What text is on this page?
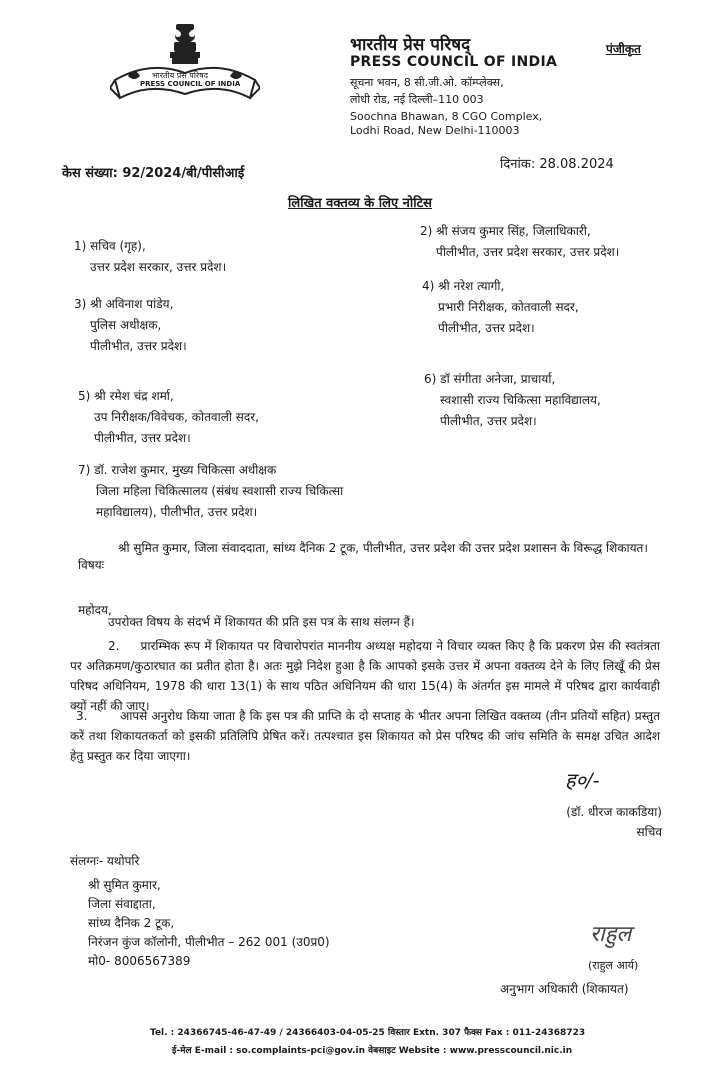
भारतीय प्रेस परिषद
PRESS COUNCIL OF INDIA
भारतीय प्रेस परिषद्
PRESS COUNCIL OF INDIA
सूचना भवन, 8 सी.जी.ओ. कॉम्प्लेक्स,
लोधी रोड, नई दिल्ली–110 003
Soochna Bhawan, 8 CGO Complex,
Lodhi Road, New Delhi-110003
पंजीकृत
केस संख्या: 92/2024/बी/पीसीआई
दिनांक: 28.08.2024
लिखित वक्तव्य के लिए नोटिस
1) सचिव (गृह),
उत्तर प्रदेश सरकार, उत्तर प्रदेश।
2) श्री संजय कुमार सिंह, जिलाधिकारी,
पीलीभीत, उत्तर प्रदेश सरकार, उत्तर प्रदेश।
3) श्री अविनाश पांडेय,
पुलिस अधीक्षक,
पीलीभीत, उत्तर प्रदेश।
4) श्री नरेश त्यागी,
प्रभारी निरीक्षक, कोतवाली सदर,
पीलीभीत, उत्तर प्रदेश।
5) श्री रमेश चंद्र शर्मा,
उप निरीक्षक/विवेचक, कोतवाली सदर,
पीलीभीत, उत्तर प्रदेश।
6) डॉ संगीता अनेजा, प्राचार्या,
स्वशासी राज्य चिकित्सा महाविद्यालय,
पीलीभीत, उत्तर प्रदेश।
7) डॉ. राजेश कुमार, मुख्य चिकित्सा अधीक्षक
जिला महिला चिकित्सालय (संबंध स्वशासी राज्य चिकित्सा
महाविद्यालय), पीलीभीत, उत्तर प्रदेश।
विषयः
श्री सुमित कुमार, जिला संवाददाता, सांध्य दैनिक 2 टूक, पीलीभीत, उत्तर प्रदेश की उत्तर प्रदेश प्रशासन के विरूद्ध शिकायत।
महोदय,
उपरोक्त विषय के संदर्भ में शिकायत की प्रति इस पत्र के साथ संलग्न हैं।
2. प्रारम्भिक रूप में शिकायत पर विचारोपरांत माननीय अध्यक्ष महोदया ने विचार व्यक्त किए है कि प्रकरण प्रेस की स्वतंत्रता पर अतिक्रमण/कुठारघात का प्रतीत होता है। अतः मुझे निदेश हुआ है कि आपको इसके उत्तर में अपना वक्तव्य देने के लिए लिखूँ की प्रेस परिषद अधिनियम, 1978 की धारा 13(1) के साथ पठित अधिनियम की धारा 15(4) के अंतर्गत इस मामले में परिषद द्वारा कार्यवाही क्यों नहीं की जाए।
3.	आपसे अनुरोध किया जाता है कि इस पत्र की प्राप्ति के दो सप्ताह के भीतर अपना लिखित वक्तव्य (तीन प्रतियों सहित) प्रस्तुत करें तथा शिकायतकर्ता को इसकी प्रतिलिपि प्रेषित करें। तत्पश्चात इस शिकायत को प्रेस परिषद की जांच समिति के समक्ष उचित आदेश हेतु प्रस्तुत कर दिया जाएगा।
ह०/-
(डॉ. धीरज काकडिया)
सचिव
संलग्नः- यथोपरि
श्री सुमित कुमार,
जिला संवाद्दाता,
सांध्य दैनिक 2 टूक,
निरंजन कुंज कॉलोनी, पीलीभीत – 262 001 (उ0प्र0)
मो0- 8006567389
राहुल
(राहुल आर्य)
अनुभाग अधिकारी (शिकायत)
Tel. : 24366745-46-47-49 / 24366403-04-05-25 विस्तार Extn. 307 फैक्स Fax : 011-24368723
ई-मेल E-mail : so.complaints-pci@gov.in वेबसाइट Website : www.presscouncil.nic.in
